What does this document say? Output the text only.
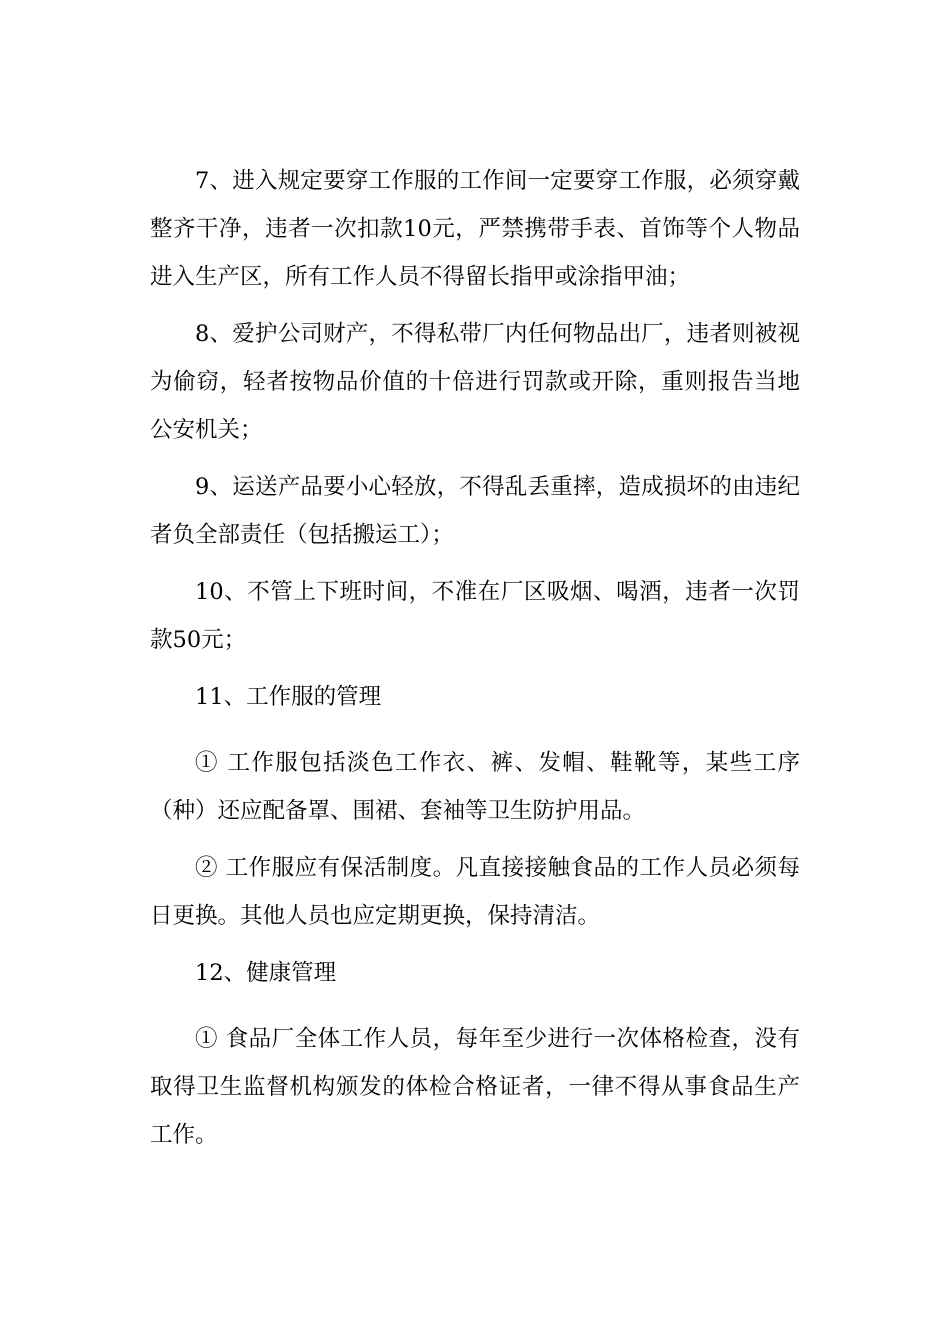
7、进入规定要穿工作服的工作间一定要穿工作服，必须穿戴整齐干净，违者一次扣款10元，严禁携带手表、首饰等个人物品进入生产区，所有工作人员不得留长指甲或涂指甲油；

8、爱护公司财产，不得私带厂内任何物品出厂，违者则被视为偷窃，轻者按物品价值的十倍进行罚款或开除，重则报告当地公安机关；

9、运送产品要小心轻放，不得乱丢重摔，造成损坏的由违纪者负全部责任（包括搬运工）；

10、不管上下班时间，不准在厂区吸烟、喝酒，违者一次罚款50元；

11、工作服的管理

① 工作服包括淡色工作衣、裤、发帽、鞋靴等，某些工序（种）还应配备罩、围裙、套袖等卫生防护用品。

② 工作服应有保活制度。凡直接接触食品的工作人员必须每日更换。其他人员也应定期更换，保持清洁。

12、健康管理

① 食品厂全体工作人员，每年至少进行一次体格检查，没有取得卫生监督机构颁发的体检合格证者，一律不得从事食品生产工作。
